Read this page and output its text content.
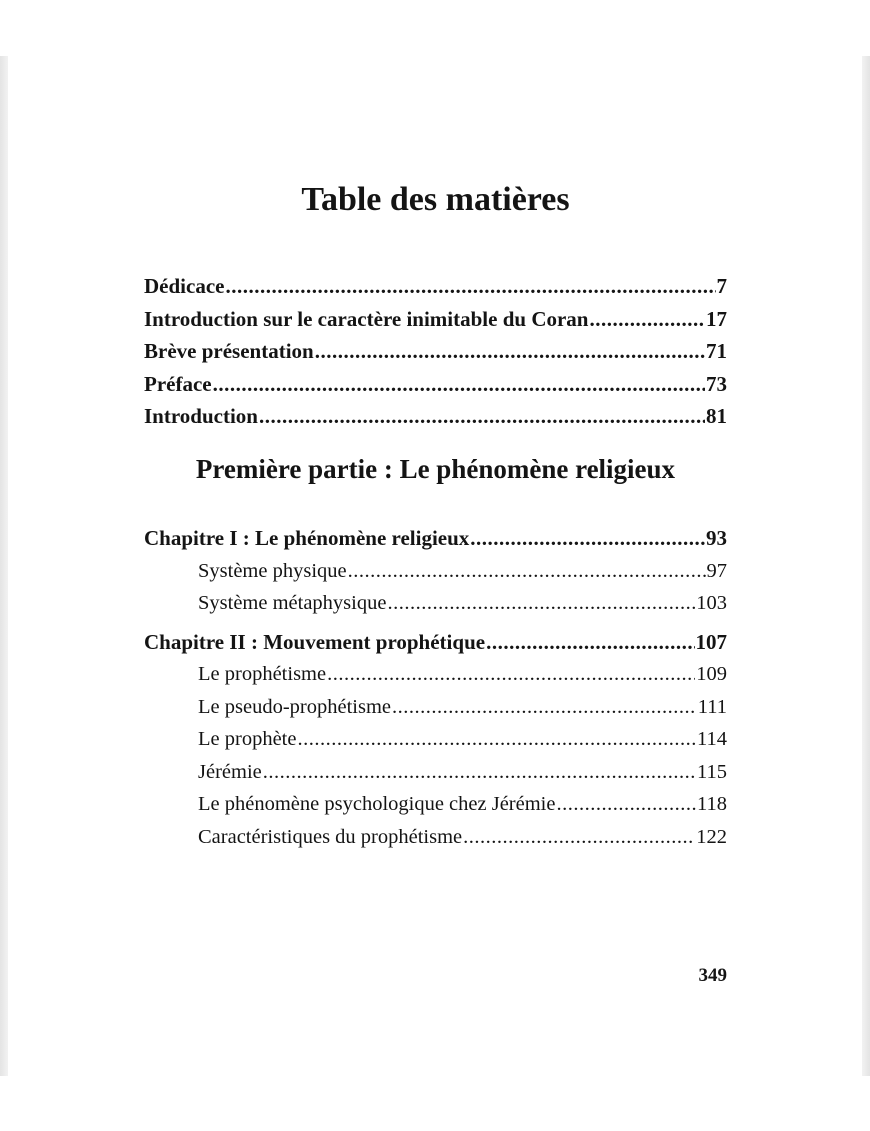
Table des matières
Dédicace .....	7
Introduction sur le caractère inimitable du Coran .....	17
Brève présentation .....	71
Préface .....	73
Introduction .....	81
Première partie : Le phénomène religieux
Chapitre I : Le phénomène religieux .....	93
Système physique .....	97
Système métaphysique .....	103
Chapitre II : Mouvement prophétique .....	107
Le prophétisme .....	109
Le pseudo-prophétisme .....	111
Le prophète .....	114
Jérémie .....	115
Le phénomène psychologique chez Jérémie .....	118
Caractéristiques du prophétisme .....	122
349
